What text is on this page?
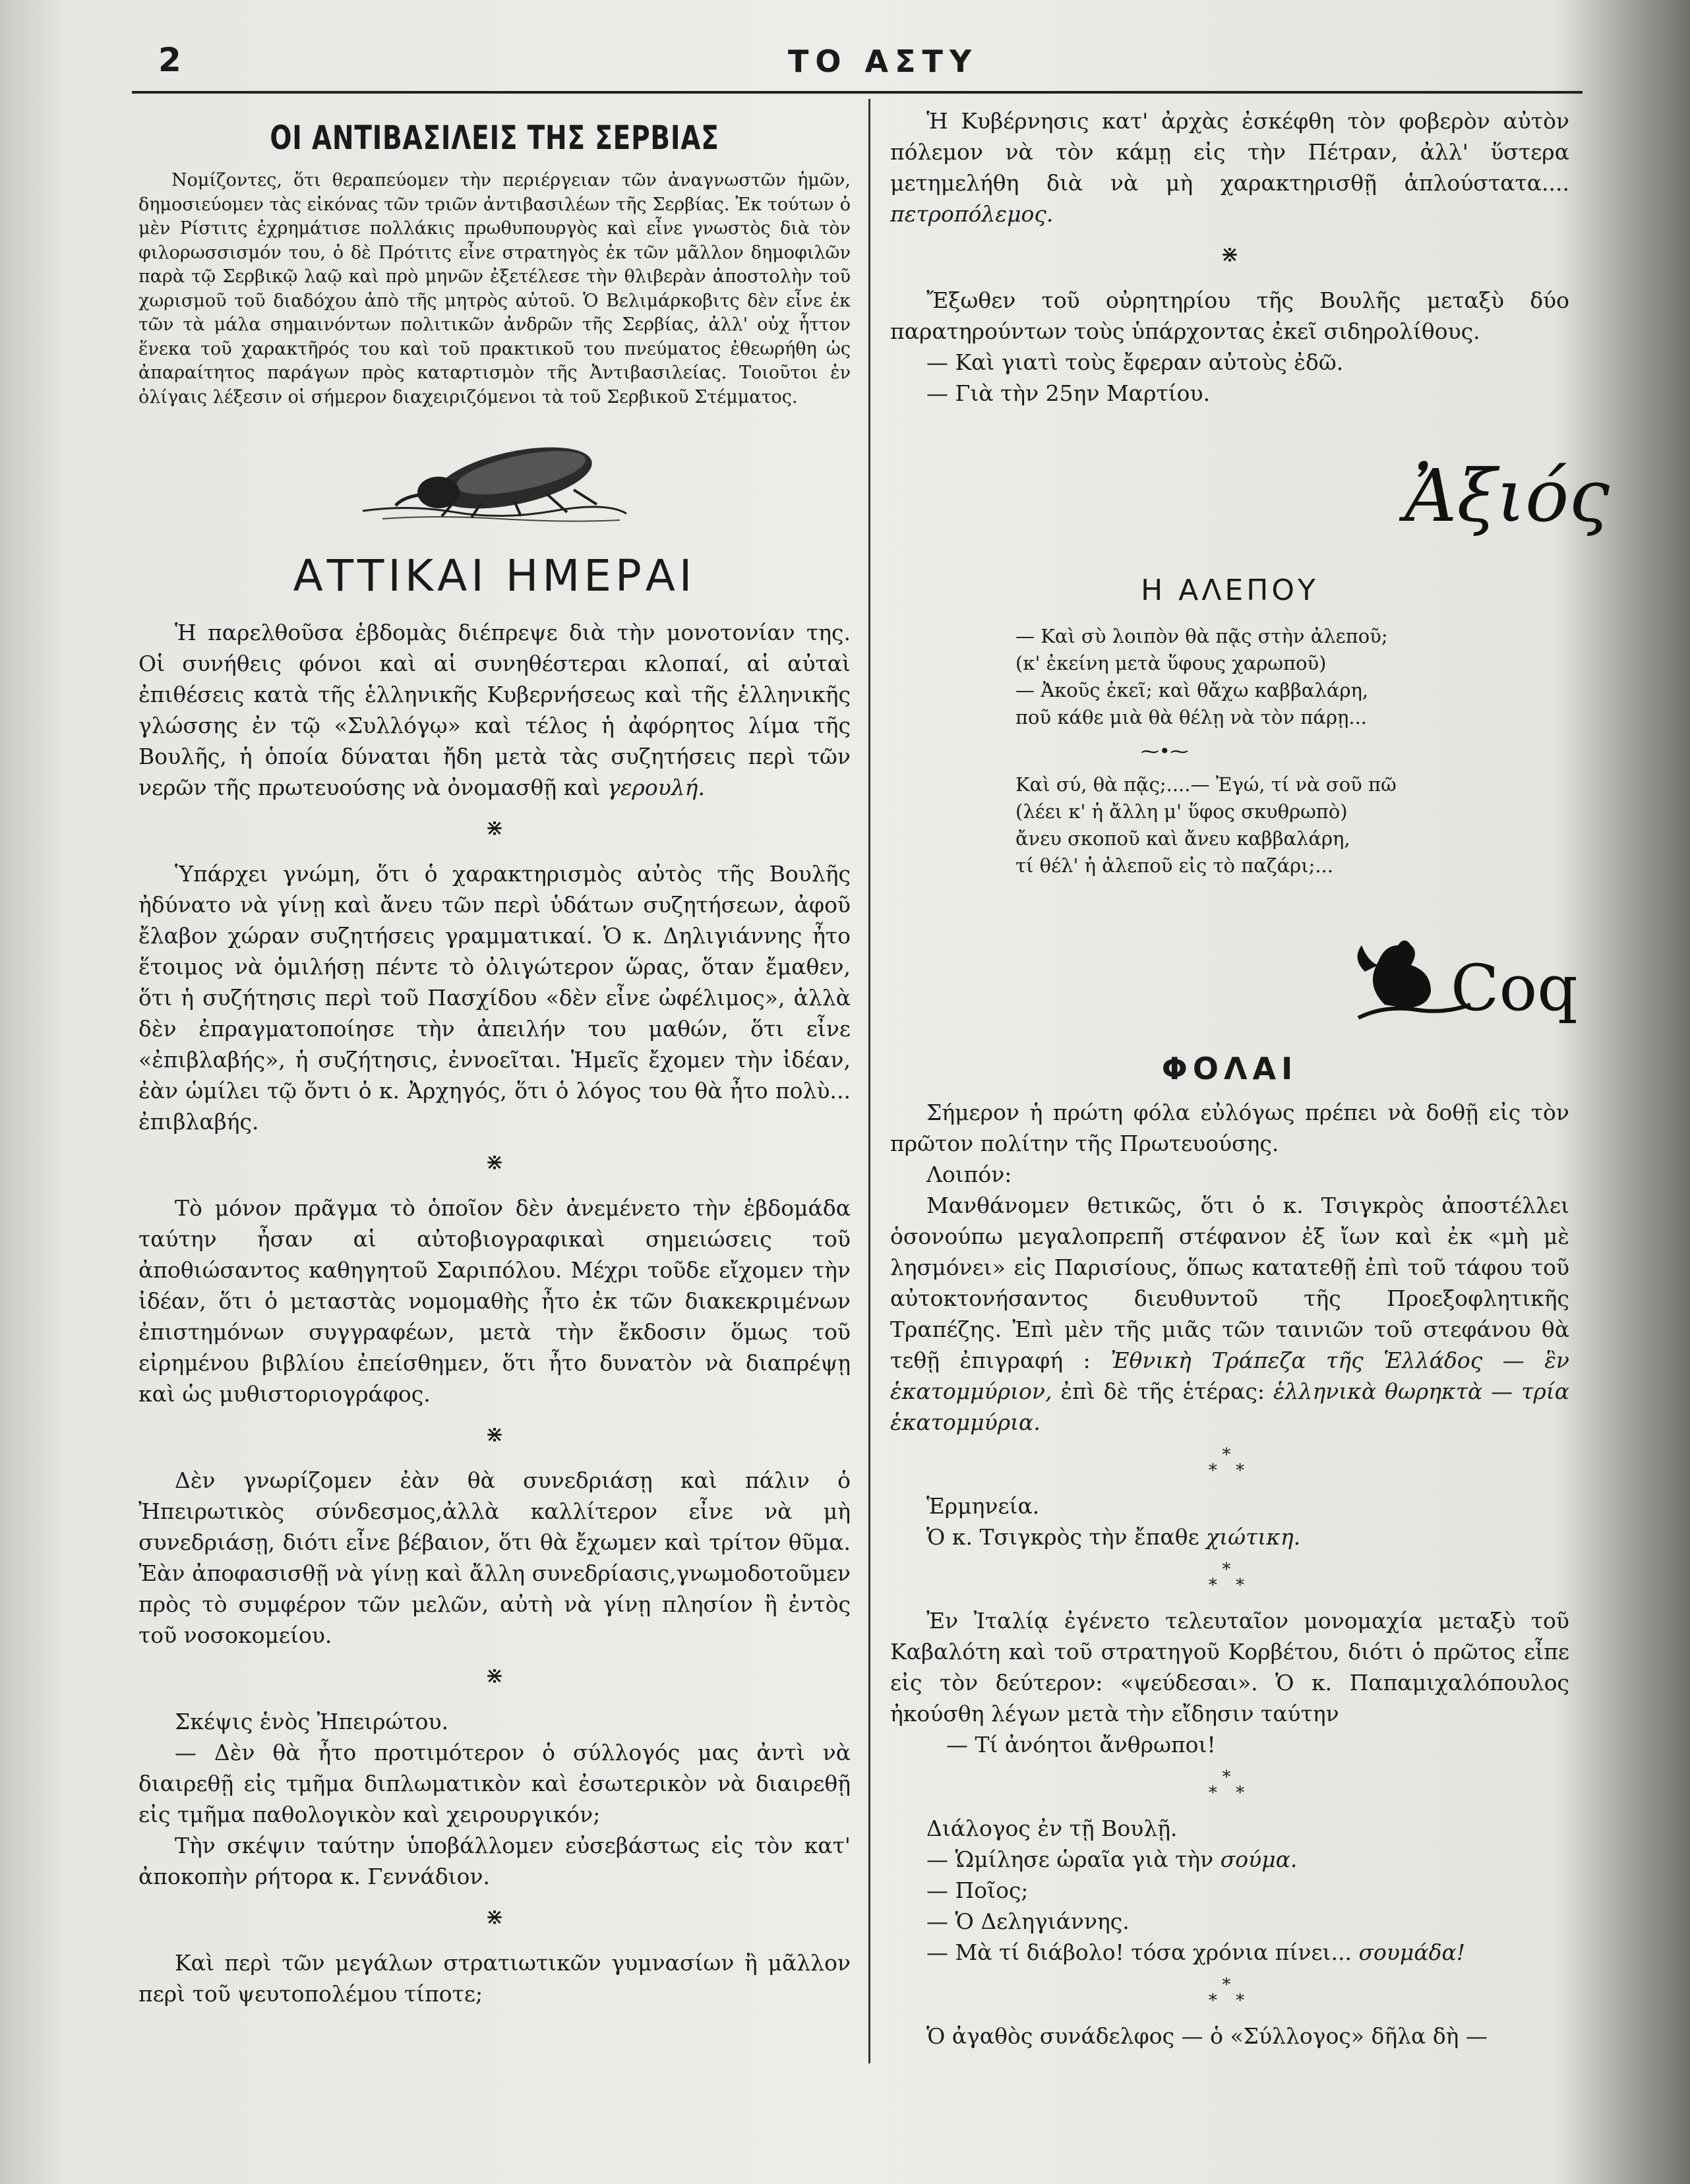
2	ΤΟ ΑΣΤΥ
ΟΙ ΑΝΤΙΒΑΣΙΛΕΙΣ ΤΗΣ ΣΕΡΒΙΑΣ

Νομίζοντες, ὅτι θεραπεύομεν τὴν περιέργειαν τῶν ἀναγνωστῶν ἡμῶν, δημοσιεύομεν τὰς εἰκόνας τῶν τριῶν ἀντιβασιλέων τῆς Σερβίας. Ἐκ τούτων ὁ μὲν Ρίστιτς ἐχρημάτισε πολλάκις πρωθυπουργὸς καὶ εἶνε γνωστὸς διὰ τὸν φιλορωσσισμόν του, ὁ δὲ Πρότιτς εἶνε στρατηγὸς ἐκ τῶν μᾶλλον δημοφιλῶν παρὰ τῷ Σερβικῷ λαῷ καὶ πρὸ μηνῶν ἐξετέλεσε τὴν θλιβερὰν ἀποστολὴν τοῦ χωρισμοῦ τοῦ διαδόχου ἀπὸ τῆς μητρὸς αὐτοῦ. Ὁ Βελιμάρκοβιτς δὲν εἶνε ἐκ τῶν τὰ μάλα σημαινόντων πολιτικῶν ἀνδρῶν τῆς Σερβίας, ἀλλ' οὐχ ἧττον ἕνεκα τοῦ χαρακτῆρός του καὶ τοῦ πρακτικοῦ του πνεύματος ἐθεωρήθη ὡς ἀπαραίτητος παράγων πρὸς καταρτισμὸν τῆς Ἀντιβασιλείας. Τοιοῦτοι ἐν ὀλίγαις λέξεσιν οἱ σήμερον διαχειριζόμενοι τὰ τοῦ Σερβικοῦ Στέμματος.

ΑΤΤΙΚΑΙ ΗΜΕΡΑΙ

Ἡ παρελθοῦσα ἑβδομὰς διέπρεψε διὰ τὴν μονοτονίαν της. Οἱ συνήθεις φόνοι καὶ αἱ συνηθέστεραι κλοπαί, αἱ αὐταὶ ἐπιθέσεις κατὰ τῆς ἑλληνικῆς Κυβερνήσεως καὶ τῆς ἑλληνικῆς γλώσσης ἐν τῷ «Συλλόγῳ» καὶ τέλος ἡ ἀφόρητος λίμα τῆς Βουλῆς, ἡ ὁποία δύναται ἤδη μετὰ τὰς συζητήσεις περὶ τῶν νερῶν τῆς πρωτευούσης νὰ ὀνομασθῇ καὶ γερουλή.

⋇

Ὑπάρχει γνώμη, ὅτι ὁ χαρακτηρισμὸς αὐτὸς τῆς Βουλῆς ἠδύνατο νὰ γίνῃ καὶ ἄνευ τῶν περὶ ὑδάτων συζητήσεων, ἀφοῦ ἔλαβον χώραν συζητήσεις γραμματικαί. Ὁ κ. Δηλιγιάννης ἦτο ἕτοιμος νὰ ὁμιλήσῃ πέντε τὸ ὀλιγώτερον ὥρας, ὅταν ἔμαθεν, ὅτι ἡ συζήτησις περὶ τοῦ Πασχίδου «δὲν εἶνε ὠφέλιμος», ἀλλὰ δὲν ἐπραγματοποίησε τὴν ἀπειλήν του μαθών, ὅτι εἶνε «ἐπιβλαβής», ἡ συζήτησις, ἐννοεῖται. Ἡμεῖς ἔχομεν τὴν ἰδέαν, ἐὰν ὡμίλει τῷ ὄντι ὁ κ. Ἀρχηγός, ὅτι ὁ λόγος του θὰ ἦτο πολὺ... ἐπιβλαβής.

⋇

Τὸ μόνον πρᾶγμα τὸ ὁποῖον δὲν ἀνεμένετο τὴν ἑβδομάδα ταύτην ἦσαν αἱ αὐτοβιογραφικαὶ σημειώσεις τοῦ ἀποθιώσαντος καθηγητοῦ Σαριπόλου. Μέχρι τοῦδε εἴχομεν τὴν ἰδέαν, ὅτι ὁ μεταστὰς νομομαθὴς ἦτο ἐκ τῶν διακεκριμένων ἐπιστημόνων συγγραφέων, μετὰ τὴν ἔκδοσιν ὅμως τοῦ εἰρημένου βιβλίου ἐπείσθημεν, ὅτι ἦτο δυνατὸν νὰ διαπρέψῃ καὶ ὡς μυθιστοριογράφος.

⋇

Δὲν γνωρίζομεν ἐὰν θὰ συνεδριάσῃ καὶ πάλιν ὁ Ἠπειρωτικὸς σύνδεσμος,ἀλλὰ καλλίτερον εἶνε νὰ μὴ συνεδριάσῃ, διότι εἶνε βέβαιον, ὅτι θὰ ἔχωμεν καὶ τρίτον θῦμα. Ἐὰν ἀποφασισθῇ νὰ γίνῃ καὶ ἄλλη συνεδρίασις,γνωμοδοτοῦμεν πρὸς τὸ συμφέρον τῶν μελῶν, αὐτὴ νὰ γίνῃ πλησίον ἢ ἐντὸς τοῦ νοσοκομείου.

⋇

Σκέψις ἑνὸς Ἠπειρώτου.

— Δὲν θὰ ἦτο προτιμότερον ὁ σύλλογός μας ἀντὶ νὰ διαιρεθῇ εἰς τμῆμα διπλωματικὸν καὶ ἐσωτερικὸν νὰ διαιρεθῇ εἰς τμῆμα παθολογικὸν καὶ χειρουργικόν;

Τὴν σκέψιν ταύτην ὑποβάλλομεν εὐσεβάστως εἰς τὸν κατ' ἀποκοπὴν ρήτορα κ. Γεννάδιον.

⋇

Καὶ περὶ τῶν μεγάλων στρατιωτικῶν γυμνασίων ἢ μᾶλλον περὶ τοῦ ψευτοπολέμου τίποτε;

Ἡ Κυβέρνησις κατ' ἀρχὰς ἐσκέφθη τὸν φοβερὸν αὐτὸν πόλεμον νὰ τὸν κάμῃ εἰς τὴν Πέτραν, ἀλλ' ὕστερα μετημελήθη διὰ νὰ μὴ χαρακτηρισθῇ ἁπλούστατα.... πετροπόλεμος.

⋇

Ἔξωθεν τοῦ οὐρητηρίου τῆς Βουλῆς μεταξὺ δύο παρατηρούντων τοὺς ὑπάρχοντας ἐκεῖ σιδηρολίθους.

— Καὶ γιατὶ τοὺς ἔφεραν αὐτοὺς ἐδῶ.

— Γιὰ τὴν 25ην Μαρτίου.

Ἀξιός
Η ΑΛΕΠΟΥ

— Καὶ σὺ λοιπὸν θὰ πᾷς στὴν ἀλεποῦ;

(κ' ἐκείνη μετὰ ὕφους χαρωποῦ)

— Ἀκοῦς ἐκεῖ; καὶ θἄχω καββαλάρη,

ποῦ κάθε μιὰ θὰ θέλῃ νὰ τὸν πάρῃ...

⁓•⁓

Καὶ σύ, θὰ πᾷς;....— Ἐγώ, τί νὰ σοῦ πῶ

(λέει κ' ἡ ἄλλη μ' ὕφος σκυθρωπὸ)

ἄνευ σκοποῦ καὶ ἄνευ καββαλάρη,

τί θέλ' ἡ ἀλεποῦ εἰς τὸ παζάρι;...

Coq
ΦΟΛΑΙ

Σήμερον ἡ πρώτη φόλα εὐλόγως πρέπει νὰ δοθῇ εἰς τὸν πρῶτον πολίτην τῆς Πρωτευούσης.

Λοιπόν:

Μανθάνομεν θετικῶς, ὅτι ὁ κ. Τσιγκρὸς ἀποστέλλει ὁσονούπω μεγαλοπρεπῆ στέφανον ἐξ ἴων καὶ ἐκ «μὴ μὲ λησμόνει» εἰς Παρισίους, ὅπως κατατεθῇ ἐπὶ τοῦ τάφου τοῦ αὐτοκτονήσαντος διευθυντοῦ τῆς Προεξοφλητικῆς Τραπέζης. Ἐπὶ μὲν τῆς μιᾶς τῶν ταινιῶν τοῦ στεφάνου θὰ τεθῇ ἐπιγραφή : Ἐθνικὴ Τράπεζα τῆς Ἑλλάδος — ἓν ἑκατομμύριον, ἐπὶ δὲ τῆς ἑτέρας: ἑλληνικὰ θωρηκτὰ — τρία ἑκατομμύρια.

*
* *

Ἑρμηνεία.

Ὁ κ. Τσιγκρὸς τὴν ἔπαθε χιώτικη.

*
* *

Ἐν Ἰταλίᾳ ἐγένετο τελευταῖον μονομαχία μεταξὺ τοῦ Καβαλότη καὶ τοῦ στρατηγοῦ Κορβέτου, διότι ὁ πρῶτος εἶπε εἰς τὸν δεύτερον: «ψεύδεσαι». Ὁ κ. Παπαμιχαλόπουλος ἠκούσθη λέγων μετὰ τὴν εἴδησιν ταύτην

— Τί ἀνόητοι ἄνθρωποι!

*
* *

Διάλογος ἐν τῇ Βουλῇ.

— Ὡμίλησε ὡραῖα γιὰ τὴν σούμα.

— Ποῖος;

— Ὁ Δεληγιάννης.

— Μὰ τί διάβολο! τόσα χρόνια πίνει... σουμάδα!

*
* *

Ὁ ἀγαθὸς συνάδελφος — ὁ «Σύλλογος» δῆλα δὴ —
